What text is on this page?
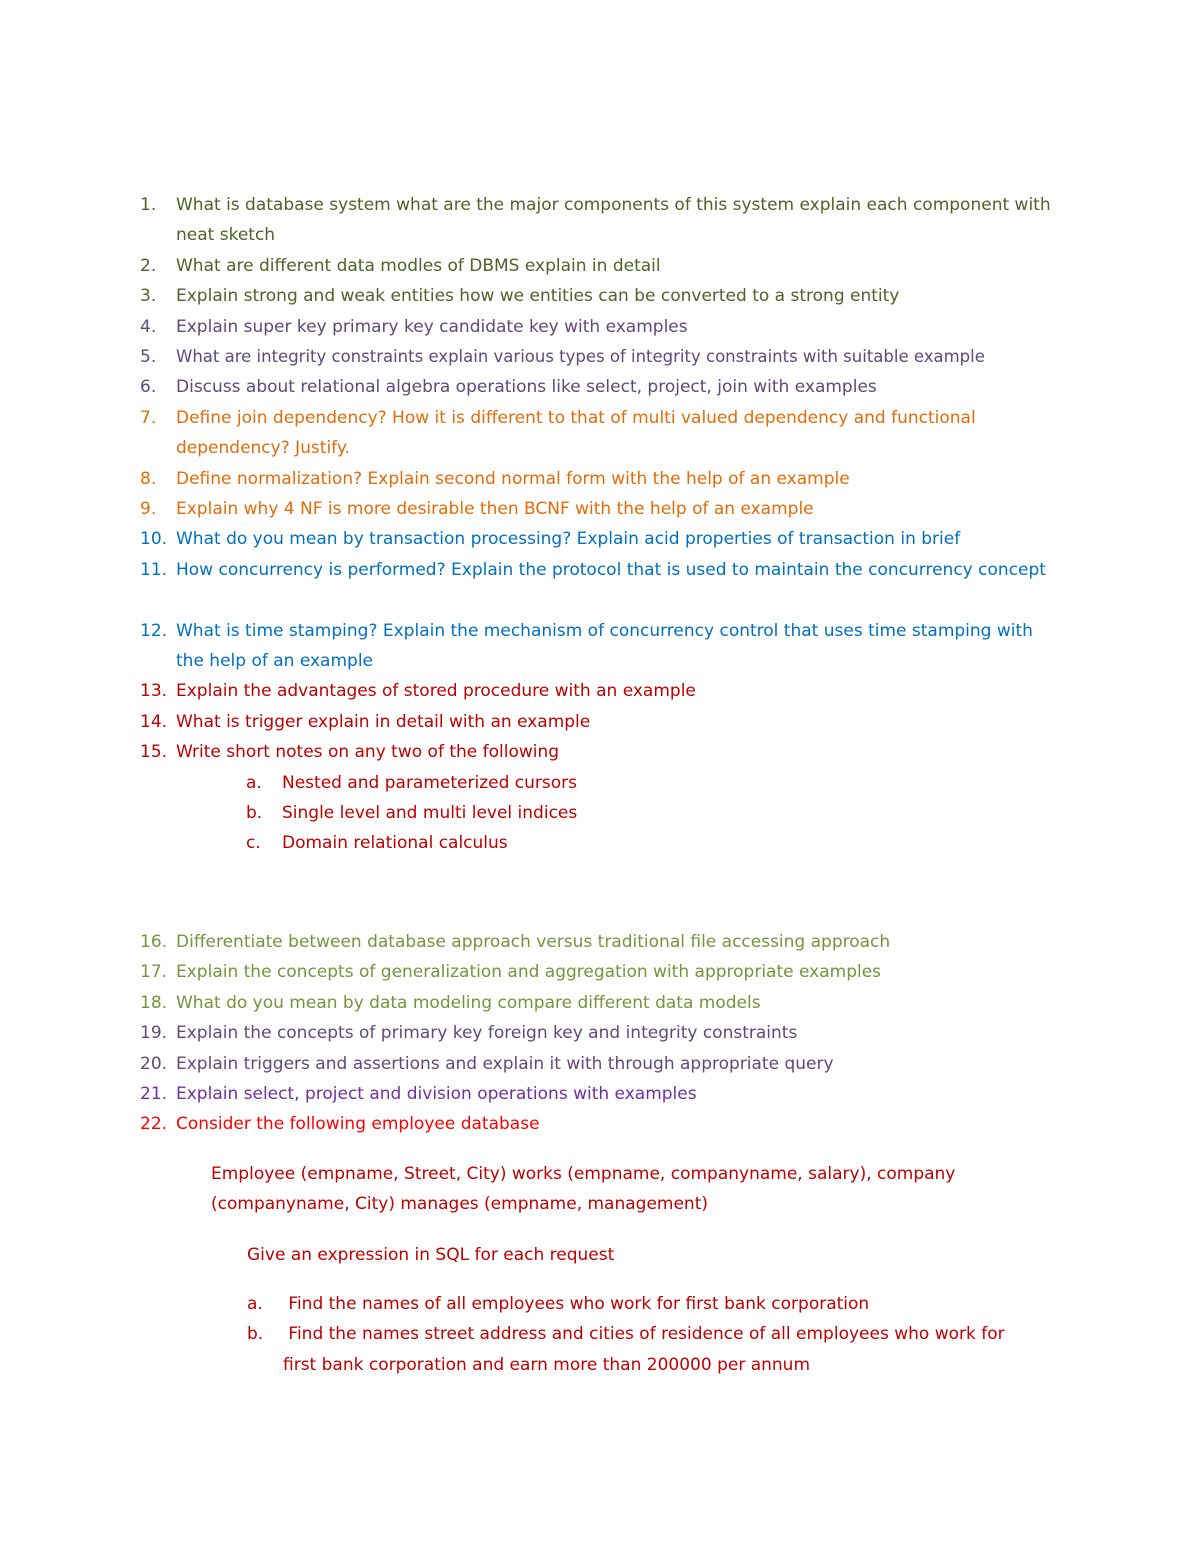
1. What is database system what are the major components of this system explain each component with neat sketch
2. What are different data modles of DBMS explain in detail
3. Explain strong and weak entities how we entities can be converted to a strong entity
4. Explain super key primary key candidate key with examples
5. What are integrity constraints explain various types of integrity constraints with suitable example
6. Discuss about relational algebra operations like select, project, join with examples
7. Define join dependency? How it is different to that of multi valued dependency and functional dependency? Justify.
8. Define normalization? Explain second normal form with the help of an example
9. Explain why 4 NF is more desirable then BCNF with the help of an example
10. What do you mean by transaction processing? Explain acid properties of transaction in brief
11. How concurrency is performed? Explain the protocol that is used to maintain the concurrency concept
12. What is time stamping? Explain the mechanism of concurrency control that uses time stamping with the help of an example
13. Explain the advantages of stored procedure with an example
14. What is trigger explain in detail with an example
15. Write short notes on any two of the following
a. Nested and parameterized cursors
b. Single level and multi level indices
c. Domain relational calculus
16. Differentiate between database approach versus traditional file accessing approach
17. Explain the concepts of generalization and aggregation with appropriate examples
18. What do you mean by data modeling compare different data models
19. Explain the concepts of primary key foreign key and integrity constraints
20. Explain triggers and assertions and explain it with through appropriate query
21. Explain select, project and division operations with examples
22. Consider the following employee database
Employee (empname, Street, City) works (empname, companyname, salary), company (companyname, City) manages (empname, management)
Give an expression in SQL for each request
a. Find the names of all employees who work for first bank corporation
b. Find the names street address and cities of residence of all employees who work for first bank corporation and earn more than 200000 per annum
